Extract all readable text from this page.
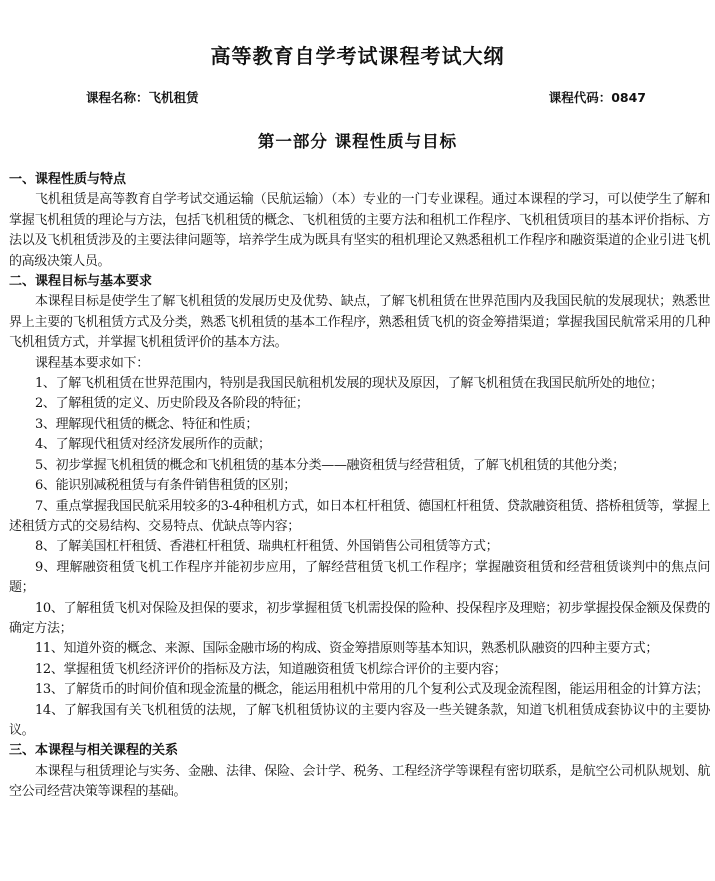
高等教育自学考试课程考试大纲
课程名称：飞机租赁	课程代码：0847
第一部分 课程性质与目标

一、课程性质与特点

飞机租赁是高等教育自学考试交通运输（民航运输）（本）专业的一门专业课程。通过本课程的学习，可以使学生了解和掌握飞机租赁的理论与方法，包括飞机租赁的概念、飞机租赁的主要方法和租机工作程序、飞机租赁项目的基本评价指标、方法以及飞机租赁涉及的主要法律问题等，培养学生成为既具有坚实的租机理论又熟悉租机工作程序和融资渠道的企业引进飞机的高级决策人员。

二、课程目标与基本要求

本课程目标是使学生了解飞机租赁的发展历史及优势、缺点，了解飞机租赁在世界范围内及我国民航的发展现状；熟悉世界上主要的飞机租赁方式及分类，熟悉飞机租赁的基本工作程序，熟悉租赁飞机的资金筹措渠道；掌握我国民航常采用的几种飞机租赁方式，并掌握飞机租赁评价的基本方法。

课程基本要求如下：

1、了解飞机租赁在世界范围内，特别是我国民航租机发展的现状及原因，了解飞机租赁在我国民航所处的地位；
2、了解租赁的定义、历史阶段及各阶段的特征；
3、理解现代租赁的概念、特征和性质；
4、了解现代租赁对经济发展所作的贡献；
5、初步掌握飞机租赁的概念和飞机租赁的基本分类——融资租赁与经营租赁，了解飞机租赁的其他分类；
6、能识别减税租赁与有条件销售租赁的区别；
7、重点掌握我国民航采用较多的3-4种租机方式，如日本杠杆租赁、德国杠杆租赁、贷款融资租赁、搭桥租赁等，掌握上述租赁方式的交易结构、交易特点、优缺点等内容；
8、了解美国杠杆租赁、香港杠杆租赁、瑞典杠杆租赁、外国销售公司租赁等方式；
9、理解融资租赁飞机工作程序并能初步应用，了解经营租赁飞机工作程序；掌握融资租赁和经营租赁谈判中的焦点问题；
10、了解租赁飞机对保险及担保的要求，初步掌握租赁飞机需投保的险种、投保程序及理赔；初步掌握投保金额及保费的确定方法；
11、知道外资的概念、来源、国际金融市场的构成、资金筹措原则等基本知识，熟悉机队融资的四种主要方式；
12、掌握租赁飞机经济评价的指标及方法，知道融资租赁飞机综合评价的主要内容；
13、了解货币的时间价值和现金流量的概念，能运用租机中常用的几个复利公式及现金流程图，能运用租金的计算方法；
14、了解我国有关飞机租赁的法规，了解飞机租赁协议的主要内容及一些关键条款，知道飞机租赁成套协议中的主要协议。

三、本课程与相关课程的关系

本课程与租赁理论与实务、金融、法律、保险、会计学、税务、工程经济学等课程有密切联系，是航空公司机队规划、航空公司经营决策等课程的基础。
